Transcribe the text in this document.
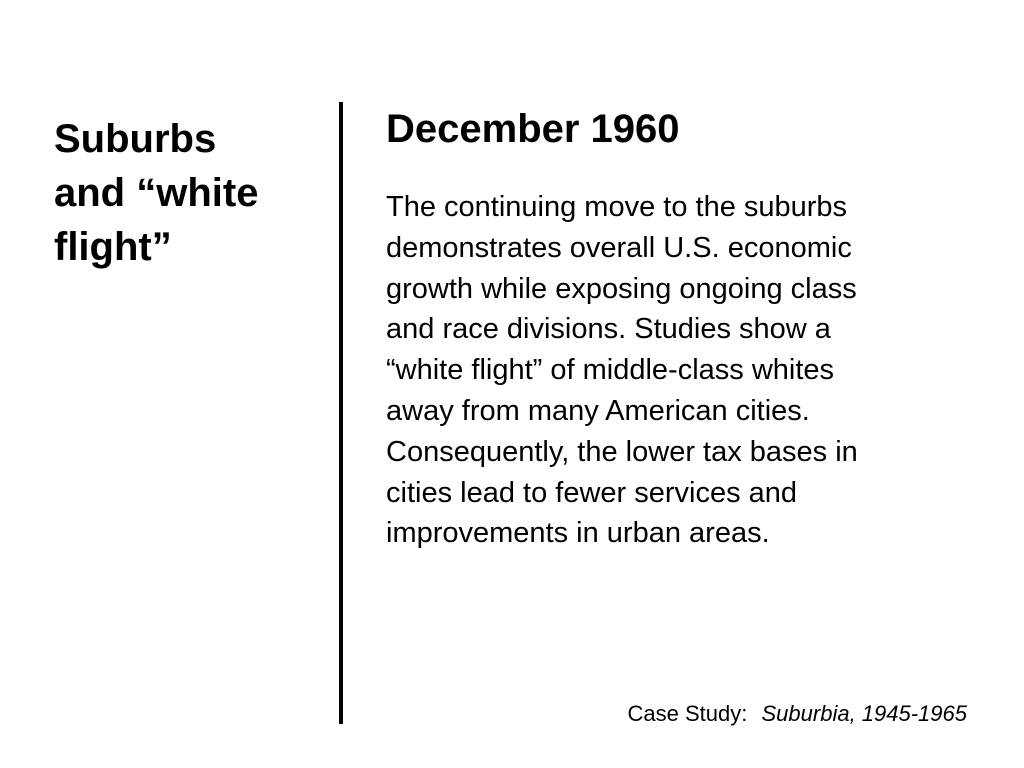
Suburbs
and “white
flight”
December 1960

The continuing move to the suburbs
demonstrates overall U.S. economic
growth while exposing ongoing class
and race divisions. Studies show a
“white flight” of middle-class whites
away from many American cities.
Consequently, the lower tax bases in
cities lead to fewer services and
improvements in urban areas.

Case Study: Suburbia, 1945-1965
